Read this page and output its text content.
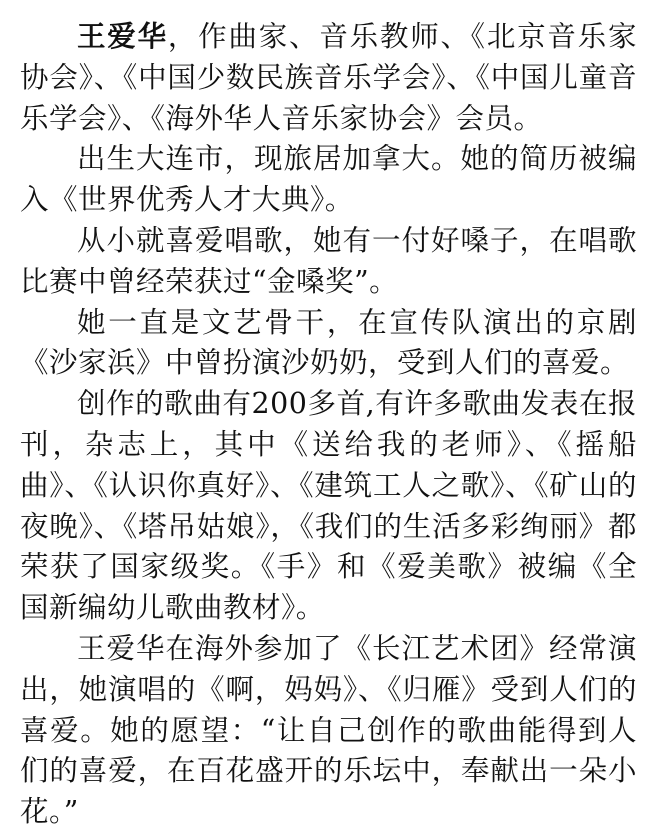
王爱华，作曲家、音乐教师、《北京音乐家协会》、《中国少数民族音乐学会》、《中国儿童音乐学会》、《海外华人音乐家协会》会员。

出生大连市，现旅居加拿大。她的简历被编入《世界优秀人才大典》。

从小就喜爱唱歌，她有一付好嗓子，在唱歌比赛中曾经荣获过“金嗓奖”。

她一直是文艺骨干，在宣传队演出的京剧《沙家浜》中曾扮演沙奶奶，受到人们的喜爱。

创作的歌曲有200多首,有许多歌曲发表在报刊，杂志上，其中《送给我的老师》、《摇船曲》、《认识你真好》、《建筑工人之歌》、《矿山的夜晚》、《塔吊姑娘》，《我们的生活多彩绚丽》都荣获了国家级奖。《手》和《爱美歌》被编《全国新编幼儿歌曲教材》。

王爱华在海外参加了《长江艺术团》经常演出，她演唱的《啊，妈妈》、《归雁》受到人们的喜爱。她的愿望：“让自己创作的歌曲能得到人们的喜爱，在百花盛开的乐坛中，奉献出一朵小花。”
